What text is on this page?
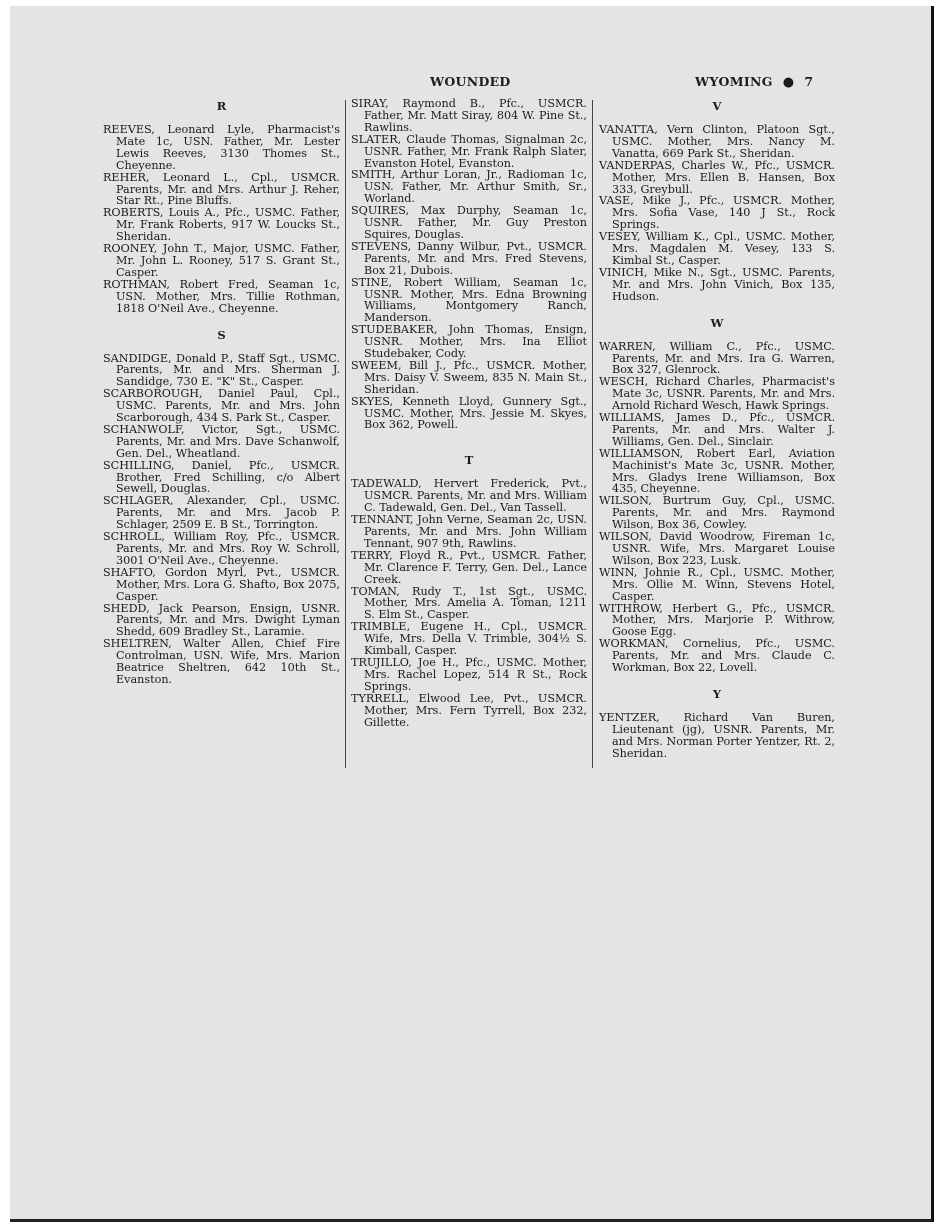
WOUNDED	WYOMING ● 7
R

REEVES, Leonard Lyle, Pharmacist's Mate 1c, USN. Father, Mr. Lester Lewis Reeves, 3130 Thomes St., Cheyenne.

REHER, Leonard L., Cpl., USMCR. Parents, Mr. and Mrs. Arthur J. Reher, Star Rt., Pine Bluffs.

ROBERTS, Louis A., Pfc., USMC. Father, Mr. Frank Roberts, 917 W. Loucks St., Sheridan.

ROONEY, John T., Major, USMC. Father, Mr. John L. Rooney, 517 S. Grant St., Casper.

ROTHMAN, Robert Fred, Seaman 1c, USN. Mother, Mrs. Tillie Rothman, 1818 O'Neil Ave., Cheyenne.

S

SANDIDGE, Donald P., Staff Sgt., USMC. Parents, Mr. and Mrs. Sherman J. Sandidge, 730 E. "K" St., Casper.

SCARBOROUGH, Daniel Paul, Cpl., USMC. Parents, Mr. and Mrs. John Scarborough, 434 S. Park St., Casper.

SCHANWOLF, Victor, Sgt., USMC. Parents, Mr. and Mrs. Dave Schanwolf, Gen. Del., Wheatland.

SCHILLING, Daniel, Pfc., USMCR. Brother, Fred Schilling, c/o Albert Sewell, Douglas.

SCHLAGER, Alexander, Cpl., USMC. Parents, Mr. and Mrs. Jacob P. Schlager, 2509 E. B St., Torrington.

SCHROLL, William Roy, Pfc., USMCR. Parents, Mr. and Mrs. Roy W. Schroll, 3001 O'Neil Ave., Cheyenne.

SHAFTO, Gordon Myrl, Pvt., USMCR. Mother, Mrs. Lora G. Shafto, Box 2075, Casper.

SHEDD, Jack Pearson, Ensign, USNR. Parents, Mr. and Mrs. Dwight Lyman Shedd, 609 Bradley St., Laramie.

SHELTREN, Walter Allen, Chief Fire Controlman, USN. Wife, Mrs. Marion Beatrice Sheltren, 642 10th St., Evanston.

SIRAY, Raymond B., Pfc., USMCR. Father, Mr. Matt Siray, 804 W. Pine St., Rawlins.

SLATER, Claude Thomas, Signalman 2c, USNR. Father, Mr. Frank Ralph Slater, Evanston Hotel, Evanston.

SMITH, Arthur Loran, Jr., Radioman 1c, USN. Father, Mr. Arthur Smith, Sr., Worland.

SQUIRES, Max Durphy, Seaman 1c, USNR. Father, Mr. Guy Preston Squires, Douglas.

STEVENS, Danny Wilbur, Pvt., USMCR. Parents, Mr. and Mrs. Fred Stevens, Box 21, Dubois.

STINE, Robert William, Seaman 1c, USNR. Mother, Mrs. Edna Browning Williams, Montgomery Ranch, Manderson.

STUDEBAKER, John Thomas, Ensign, USNR. Mother, Mrs. Ina Elliot Studebaker, Cody.

SWEEM, Bill J., Pfc., USMCR. Mother, Mrs. Daisy V. Sweem, 835 N. Main St., Sheridan.

SKYES, Kenneth Lloyd, Gunnery Sgt., USMC. Mother, Mrs. Jessie M. Skyes, Box 362, Powell.

T

TADEWALD, Hervert Frederick, Pvt., USMCR. Parents, Mr. and Mrs. William C. Tadewald, Gen. Del., Van Tassell.

TENNANT, John Verne, Seaman 2c, USN. Parents, Mr. and Mrs. John William Tennant, 907 9th, Rawlins.

TERRY, Floyd R., Pvt., USMCR. Father, Mr. Clarence F. Terry, Gen. Del., Lance Creek.

TOMAN, Rudy T., 1st Sgt., USMC. Mother, Mrs. Amelia A. Toman, 1211 S. Elm St., Casper.

TRIMBLE, Eugene H., Cpl., USMCR. Wife, Mrs. Della V. Trimble, 304½ S. Kimball, Casper.

TRUJILLO, Joe H., Pfc., USMC. Mother, Mrs. Rachel Lopez, 514 R St., Rock Springs.

TYRRELL, Elwood Lee, Pvt., USMCR. Mother, Mrs. Fern Tyrrell, Box 232, Gillette.

V

VANATTA, Vern Clinton, Platoon Sgt., USMC. Mother, Mrs. Nancy M. Vanatta, 669 Park St., Sheridan.

VANDERPAS, Charles W., Pfc., USMCR. Mother, Mrs. Ellen B. Hansen, Box 333, Greybull.

VASE, Mike J., Pfc., USMCR. Mother, Mrs. Sofia Vase, 140 J St., Rock Springs.

VESEY, William K., Cpl., USMC. Mother, Mrs. Magdalen M. Vesey, 133 S. Kimbal St., Casper.

VINICH, Mike N., Sgt., USMC. Parents, Mr. and Mrs. John Vinich, Box 135, Hudson.

W

WARREN, William C., Pfc., USMC. Parents, Mr. and Mrs. Ira G. Warren, Box 327, Glenrock.

WESCH, Richard Charles, Pharmacist's Mate 3c, USNR. Parents, Mr. and Mrs. Arnold Richard Wesch, Hawk Springs.

WILLIAMS, James D., Pfc., USMCR. Parents, Mr. and Mrs. Walter J. Williams, Gen. Del., Sinclair.

WILLIAMSON, Robert Earl, Aviation Machinist's Mate 3c, USNR. Mother, Mrs. Gladys Irene Williamson, Box 435, Cheyenne.

WILSON, Burtrum Guy, Cpl., USMC. Parents, Mr. and Mrs. Raymond Wilson, Box 36, Cowley.

WILSON, David Woodrow, Fireman 1c, USNR. Wife, Mrs. Margaret Louise Wilson, Box 223, Lusk.

WINN, Johnie R., Cpl., USMC. Mother, Mrs. Ollie M. Winn, Stevens Hotel, Casper.

WITHROW, Herbert G., Pfc., USMCR. Mother, Mrs. Marjorie P. Withrow, Goose Egg.

WORKMAN, Cornelius, Pfc., USMC. Parents, Mr. and Mrs. Claude C. Workman, Box 22, Lovell.

Y

YENTZER, Richard Van Buren, Lieutenant (jg), USNR. Parents, Mr. and Mrs. Norman Porter Yentzer, Rt. 2, Sheridan.
